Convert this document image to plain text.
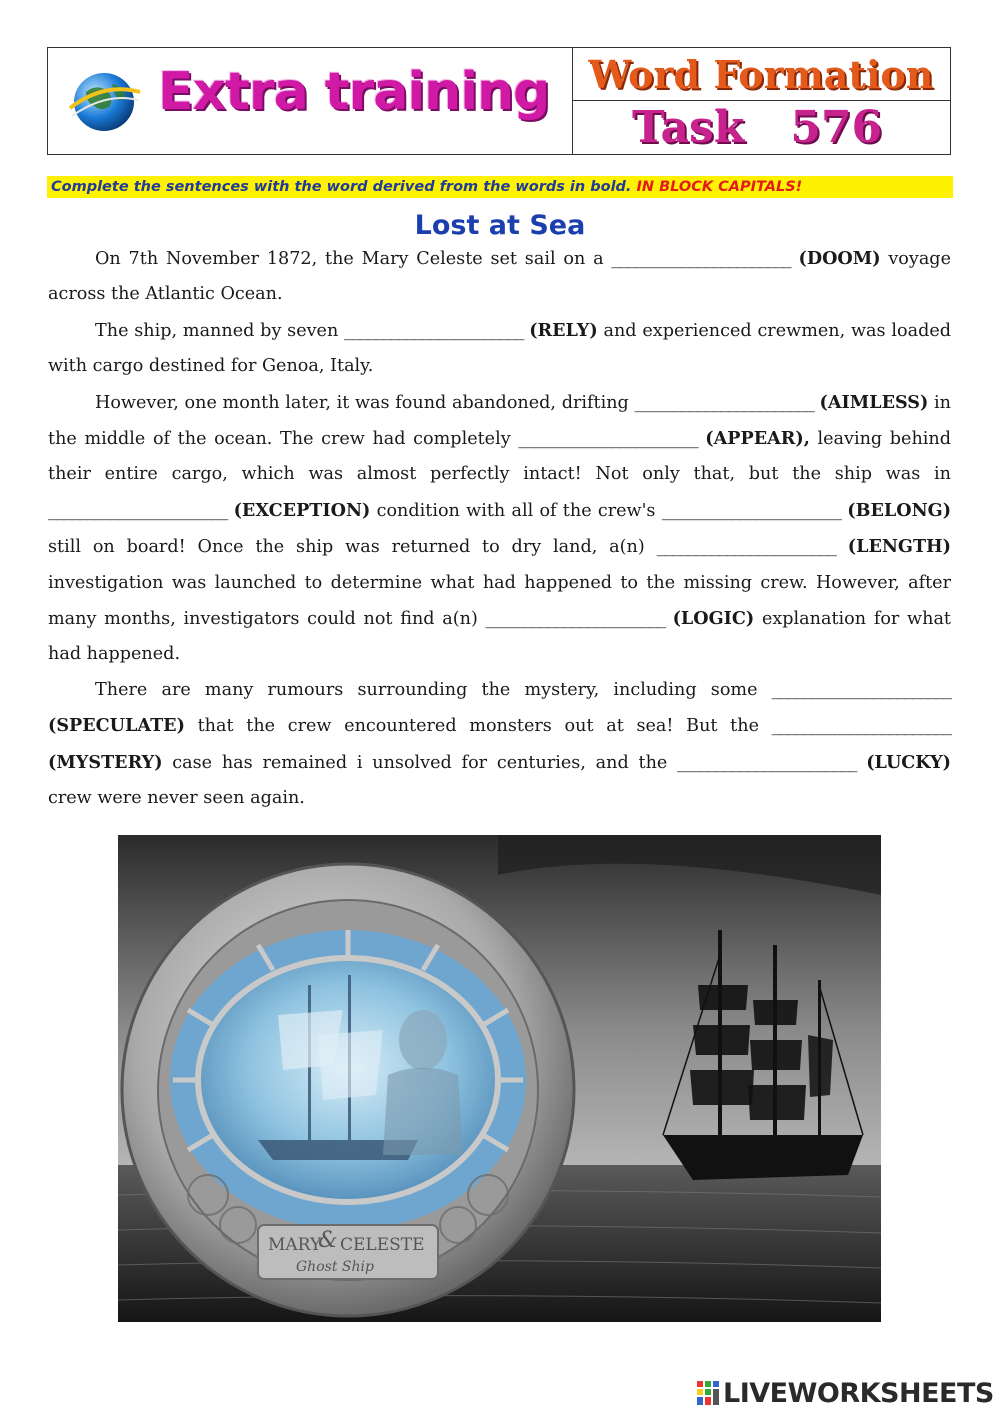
Extra training	Word Formation
Task 576
Complete the sentences with the word derived from the words in bold. IN BLOCK CAPITALS!
Lost at Sea

On 7th November 1872, the Mary Celeste set sail on a _______________________ (DOOM) voyage across the Atlantic Ocean.

The ship, manned by seven _______________________ (RELY) and experienced crewmen, was loaded with cargo destined for Genoa, Italy.

However, one month later, it was found abandoned, drifting _______________________ (AIMLESS) in the middle of the ocean. The crew had completely _______________________ (APPEAR), leaving behind their entire cargo, which was almost perfectly intact! Not only that, but the ship was in _______________________ (EXCEPTION) condition with all of the crew's _______________________ (BELONG) still on board! Once the ship was returned to dry land, a(n) _______________________ (LENGTH) investigation was launched to determine what had happened to the missing crew. However, after many months, investigators could not find a(n) _______________________ (LOGIC) explanation for what had happened.

There are many rumours surrounding the mystery, including some _______________________ (SPECULATE) that the crew encountered monsters out at sea! But the _______________________ (MYSTERY) case has remained i unsolved for centuries, and the _______________________ (LUCKY) crew were never seen again.

MARY
& CELESTE
Ghost Ship
LIVEWORKSHEETS
